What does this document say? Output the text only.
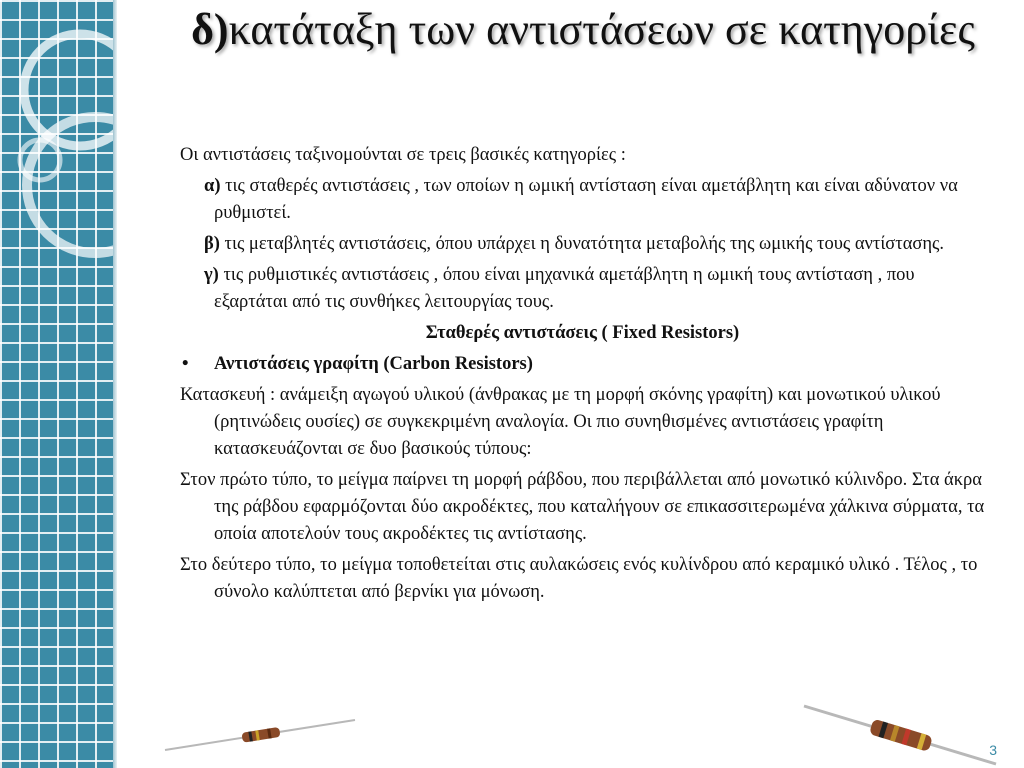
δ)κατάταξη των αντιστάσεων σε κατηγορίες

Οι αντιστάσεις ταξινομούνται σε τρεις βασικές κατηγορίες :

α) τις σταθερές αντιστάσεις , των οποίων η ωμική αντίσταση είναι αμετάβλητη και είναι αδύνατον να ρυθμιστεί.

β) τις μεταβλητές αντιστάσεις, όπου υπάρχει η δυνατότητα μεταβολής της ωμικής τους αντίστασης.

γ) τις ρυθμιστικές αντιστάσεις , όπου είναι μηχανικά αμετάβλητη η ωμική τους αντίσταση , που εξαρτάται από τις συνθήκες λειτουργίας τους.

Σταθερές αντιστάσεις ( Fixed Resistors)

• Αντιστάσεις γραφίτη (Carbon Resistors)

Κατασκευή : ανάμειξη αγωγού υλικού (άνθρακας με τη μορφή σκόνης γραφίτη) και μονωτικού υλικού (ρητινώδεις ουσίες) σε συγκεκριμένη αναλογία. Οι πιο συνηθισμένες αντιστάσεις γραφίτη κατασκευάζονται σε δυο βασικούς τύπους:

Στον πρώτο τύπο, το μείγμα παίρνει τη μορφή ράβδου, που περιβάλλεται από μονωτικό κύλινδρο. Στα άκρα της ράβδου εφαρμόζονται δύο ακροδέκτες, που καταλήγουν σε επικασσιτερωμένα χάλκινα σύρματα, τα οποία αποτελούν τους ακροδέκτες τις αντίστασης.

Στο δεύτερο τύπο, το μείγμα τοποθετείται στις αυλακώσεις ενός κυλίνδρου από κεραμικό υλικό . Τέλος , το σύνολο καλύπτεται από βερνίκι για μόνωση.

3
